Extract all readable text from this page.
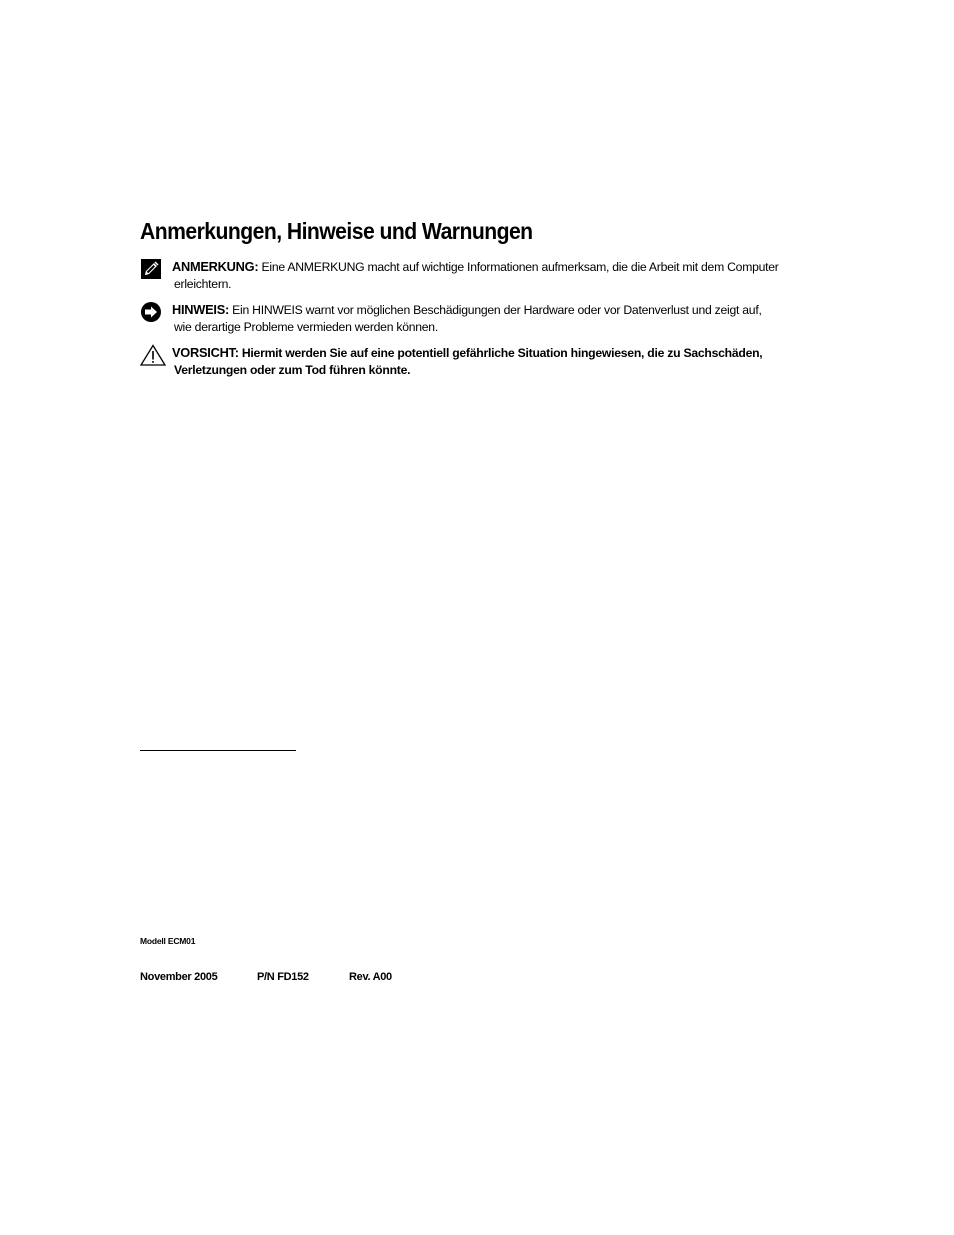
Anmerkungen, Hinweise und Warnungen
ANMERKUNG: Eine ANMERKUNG macht auf wichtige Informationen aufmerksam, die die Arbeit mit dem Computer
erleichtern.
HINWEIS: Ein HINWEIS warnt vor möglichen Beschädigungen der Hardware oder vor Datenverlust und zeigt auf,
wie derartige Probleme vermieden werden können.
VORSICHT: Hiermit werden Sie auf eine potentiell gefährliche Situation hingewiesen, die zu Sachschäden,
Verletzungen oder zum Tod führen könnte.
Modell ECM01
November 2005	P/N FD152	Rev. A00
